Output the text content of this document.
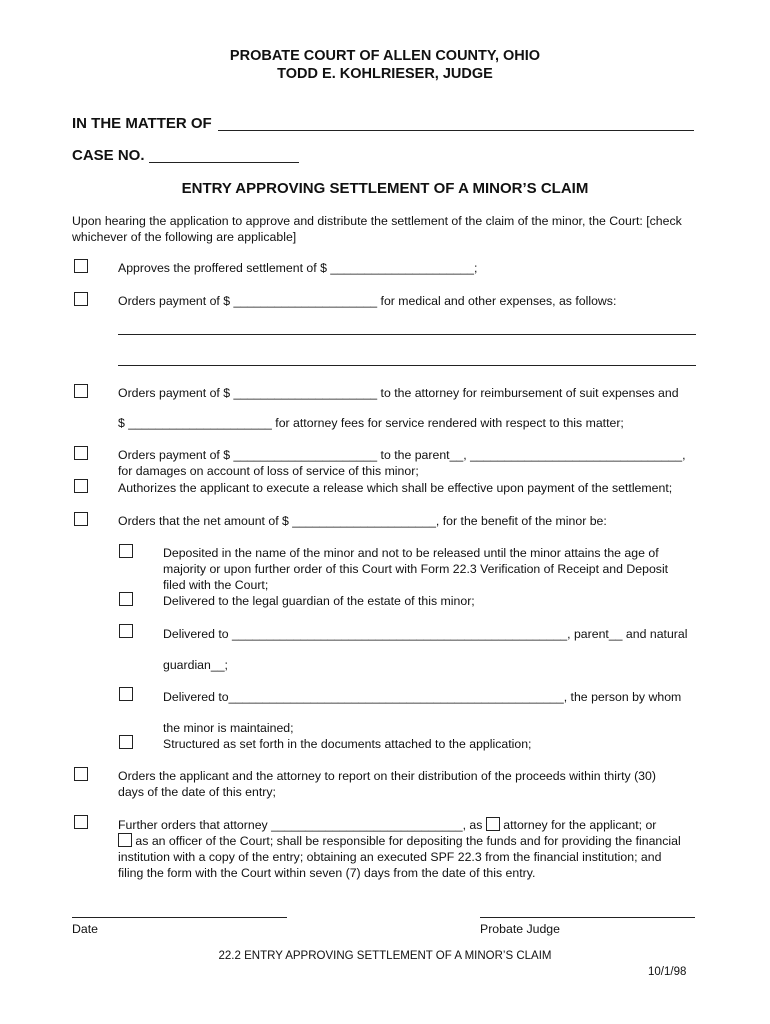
PROBATE COURT OF ALLEN COUNTY, OHIO
TODD E. KOHLRIESER, JUDGE
IN THE MATTER OF
CASE NO.
ENTRY APPROVING SETTLEMENT OF A MINOR’S CLAIM
Upon hearing the application to approve and distribute the settlement of the claim of the minor, the Court: [check
whichever of the following are applicable]
Approves the proffered settlement of $ _____________________;
Orders payment of $ _____________________ for medical and other expenses, as follows:
Orders payment of $ _____________________ to the attorney for reimbursement of suit expenses and
$ _____________________ for attorney fees for service rendered with respect to this matter;
Orders payment of $ _____________________ to the parent__, _______________________________,
for damages on account of loss of service of this minor;
Authorizes the applicant to execute a release which shall be effective upon payment of the settlement;
Orders that the net amount of $ _____________________, for the benefit of the minor be:
Deposited in the name of the minor and not to be released until the minor attains the age of
majority or upon further order of this Court with Form 22.3 Verification of Receipt and Deposit
filed with the Court;
Delivered to the legal guardian of the estate of this minor;
Delivered to _________________________________________________, parent__ and natural
guardian__;
Delivered to_________________________________________________, the person by whom
the minor is maintained;
Structured as set forth in the documents attached to the application;
Orders the applicant and the attorney to report on their distribution of the proceeds within thirty (30)
days of the date of this entry;
Further orders that attorney ____________________________, as attorney for the applicant; or
as an officer of the Court; shall be responsible for depositing the funds and for providing the financial
institution with a copy of the entry; obtaining an executed SPF 22.3 from the financial institution; and
filing the form with the Court within seven (7) days from the date of this entry.
Date	Probate Judge
22.2 ENTRY APPROVING SETTLEMENT OF A MINOR’S CLAIM
10/1/98
